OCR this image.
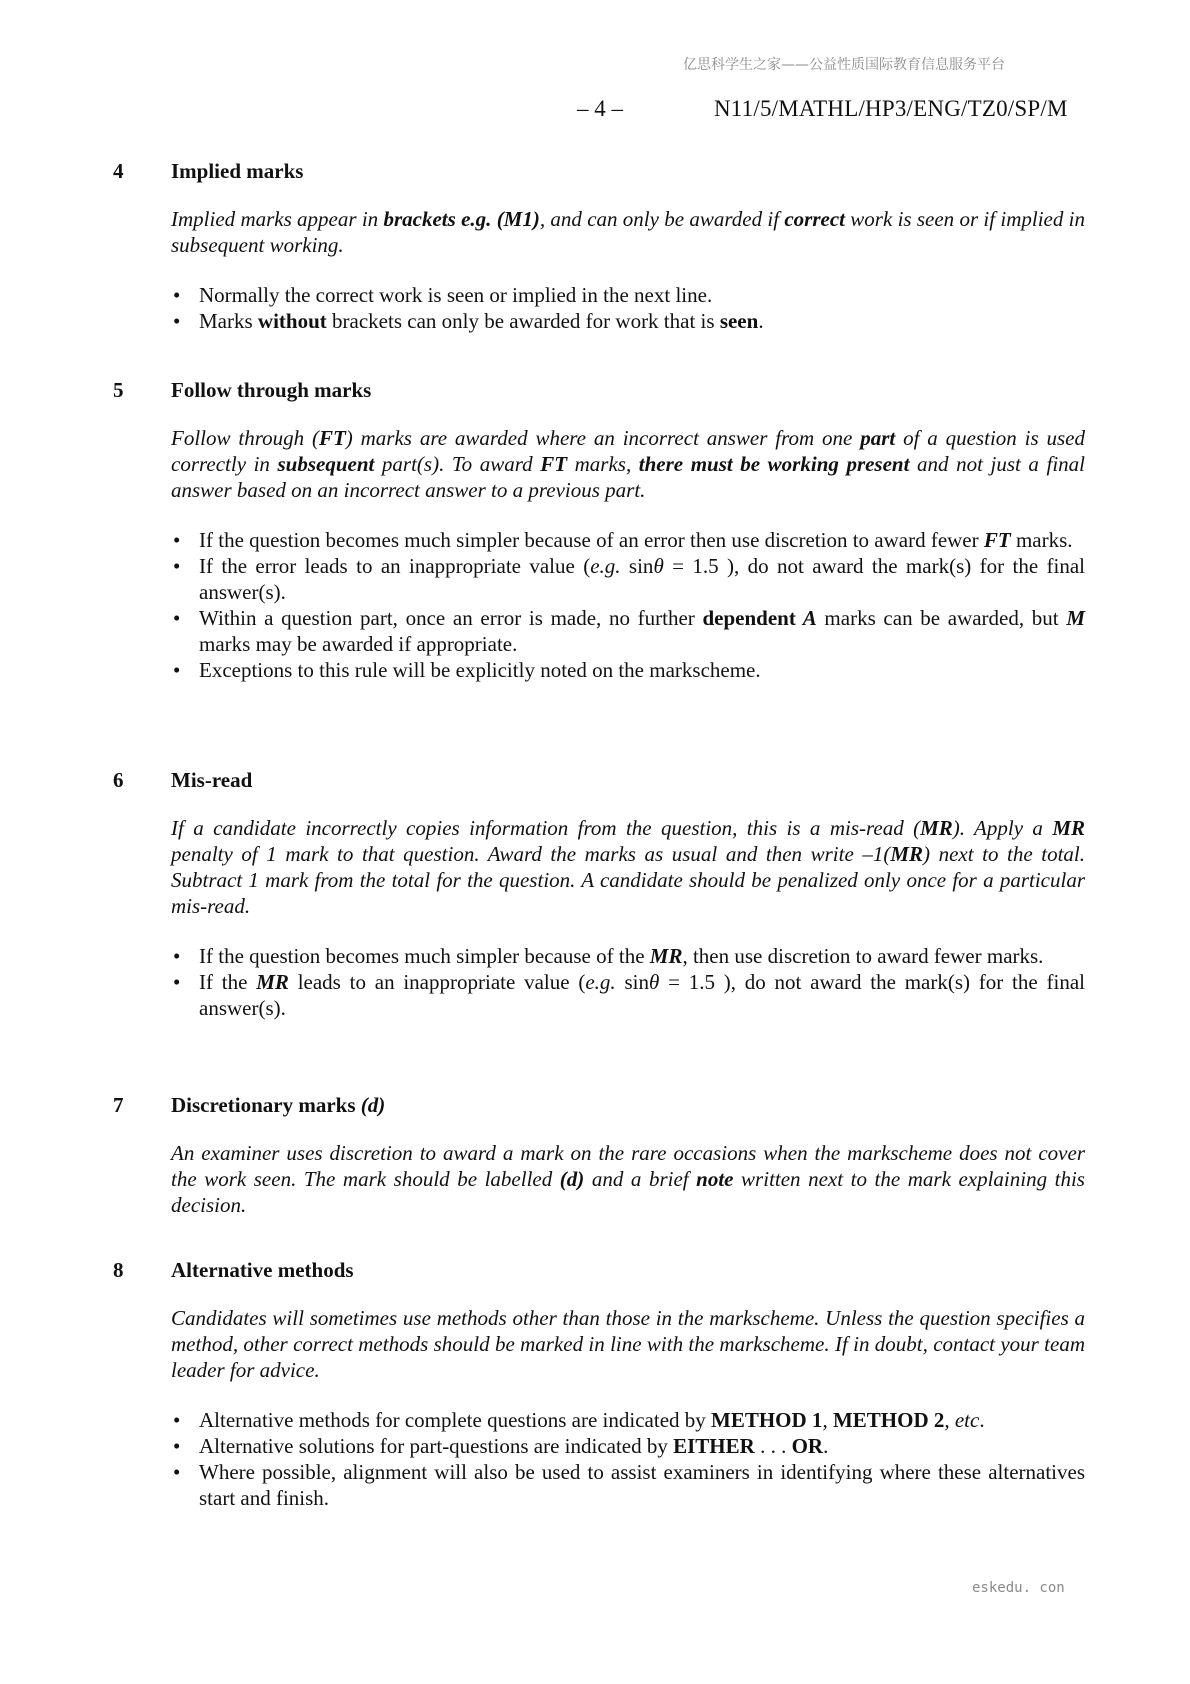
亿思科学生之家——公益性质国际教育信息服务平台
– 4 –	N11/5/MATHL/HP3/ENG/TZ0/SP/M
4	Implied marks
Implied marks appear in brackets e.g. (M1), and can only be awarded if correct work is seen or if implied in subsequent working.
• Normally the correct work is seen or implied in the next line.
• Marks without brackets can only be awarded for work that is seen.
5	Follow through marks
Follow through (FT) marks are awarded where an incorrect answer from one part of a question is used correctly in subsequent part(s). To award FT marks, there must be working present and not just a final answer based on an incorrect answer to a previous part.
• If the question becomes much simpler because of an error then use discretion to award fewer FT marks.
• If the error leads to an inappropriate value (e.g. sinθ = 1.5 ), do not award the mark(s) for the final answer(s).
• Within a question part, once an error is made, no further dependent A marks can be awarded, but M marks may be awarded if appropriate.
• Exceptions to this rule will be explicitly noted on the markscheme.
6	Mis-read
If a candidate incorrectly copies information from the question, this is a mis-read (MR). Apply a MR penalty of 1 mark to that question. Award the marks as usual and then write –1(MR) next to the total. Subtract 1 mark from the total for the question. A candidate should be penalized only once for a particular mis-read.
• If the question becomes much simpler because of the MR, then use discretion to award fewer marks.
• If the MR leads to an inappropriate value (e.g. sinθ = 1.5 ), do not award the mark(s) for the final answer(s).
7	Discretionary marks (d)
An examiner uses discretion to award a mark on the rare occasions when the markscheme does not cover the work seen. The mark should be labelled (d) and a brief note written next to the mark explaining this decision.
8	Alternative methods
Candidates will sometimes use methods other than those in the markscheme. Unless the question specifies a method, other correct methods should be marked in line with the markscheme. If in doubt, contact your team leader for advice.
• Alternative methods for complete questions are indicated by METHOD 1, METHOD 2, etc.
• Alternative solutions for part-questions are indicated by EITHER . . . OR.
• Where possible, alignment will also be used to assist examiners in identifying where these alternatives start and finish.
eskedu. con
